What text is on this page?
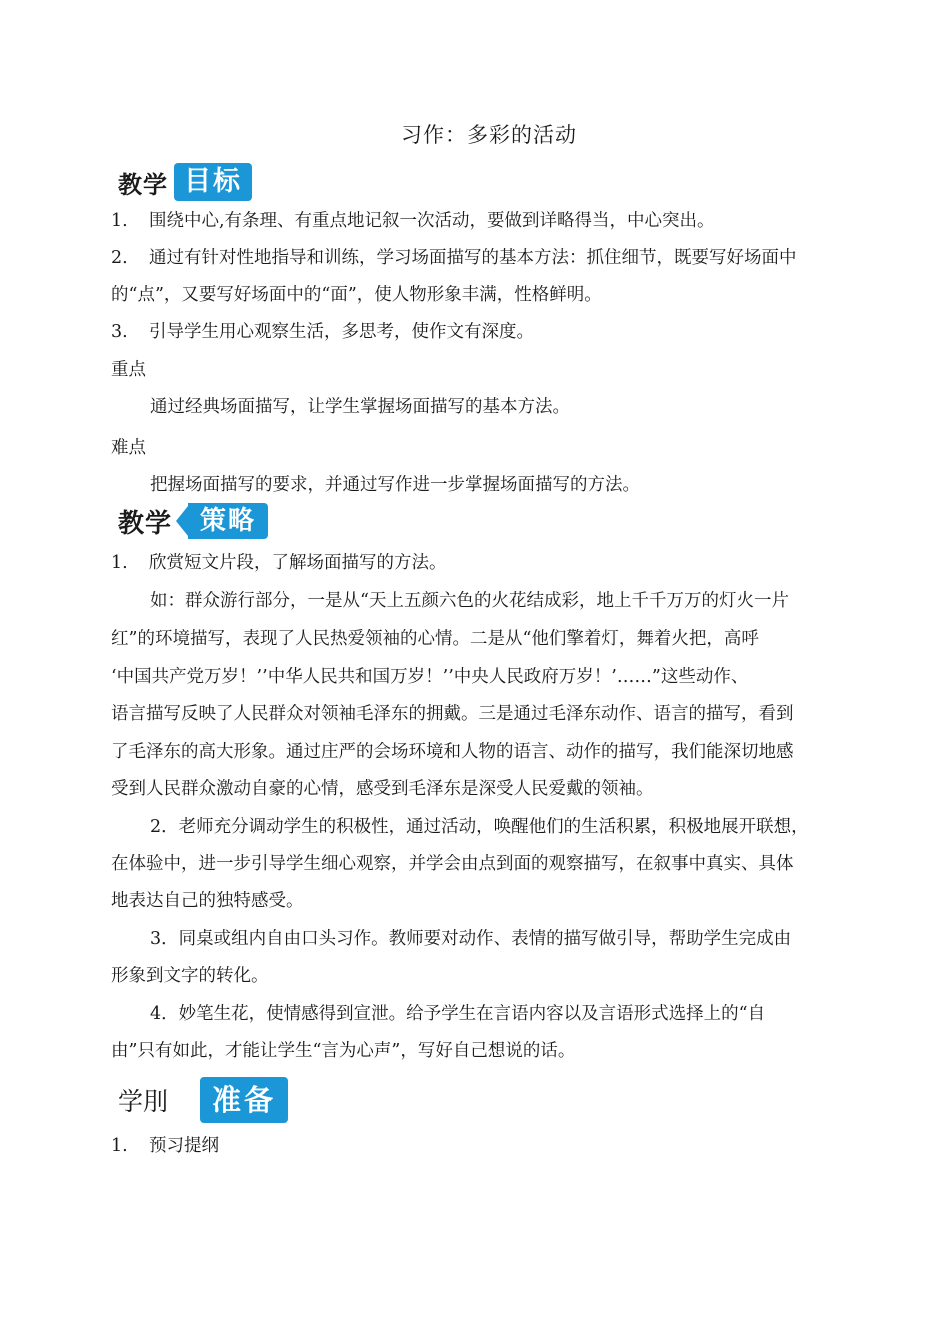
习作：多彩的活动
教学 目标
1. 围绕中心,有条理、有重点地记叙一次活动，要做到详略得当，中心突出。
2. 通过有针对性地指导和训练，学习场面描写的基本方法：抓住细节，既要写好场面中
的“点”，又要写好场面中的“面”，使人物形象丰满，性格鲜明。
3. 引导学生用心观察生活，多思考，使作文有深度。
重点
通过经典场面描写，让学生掌握场面描写的基本方法。
难点
把握场面描写的要求，并通过写作进一步掌握场面描写的方法。
教学	策略
1. 欣赏短文片段，了解场面描写的方法。
如：群众游行部分，一是从“天上五颜六色的火花结成彩，地上千千万万的灯火一片
红”的环境描写，表现了人民热爱领袖的心情。二是从“他们擎着灯，舞着火把，高呼
‘中国共产党万岁！’’中华人民共和国万岁！’’中央人民政府万岁！’……”这些动作、
语言描写反映了人民群众对领袖毛泽东的拥戴。三是通过毛泽东动作、语言的描写，看到
了毛泽东的高大形象。通过庄严的会场环境和人物的语言、动作的描写，我们能深切地感
受到人民群众激动自豪的心情，感受到毛泽东是深受人民爱戴的领袖。
2．老师充分调动学生的积极性，通过活动，唤醒他们的生活积累，积极地展开联想，
在体验中，进一步引导学生细心观察，并学会由点到面的观察描写，在叙事中真实、具体
地表达自己的独特感受。
3．同桌或组内自由口头习作。教师要对动作、表情的描写做引导，帮助学生完成由
形象到文字的转化。
4．妙笔生花，使情感得到宣泄。给予学生在言语内容以及言语形式选择上的“自
由”只有如此，才能让学生“言为心声”，写好自己想说的话。
学刖	准备
1. 预习提纲
